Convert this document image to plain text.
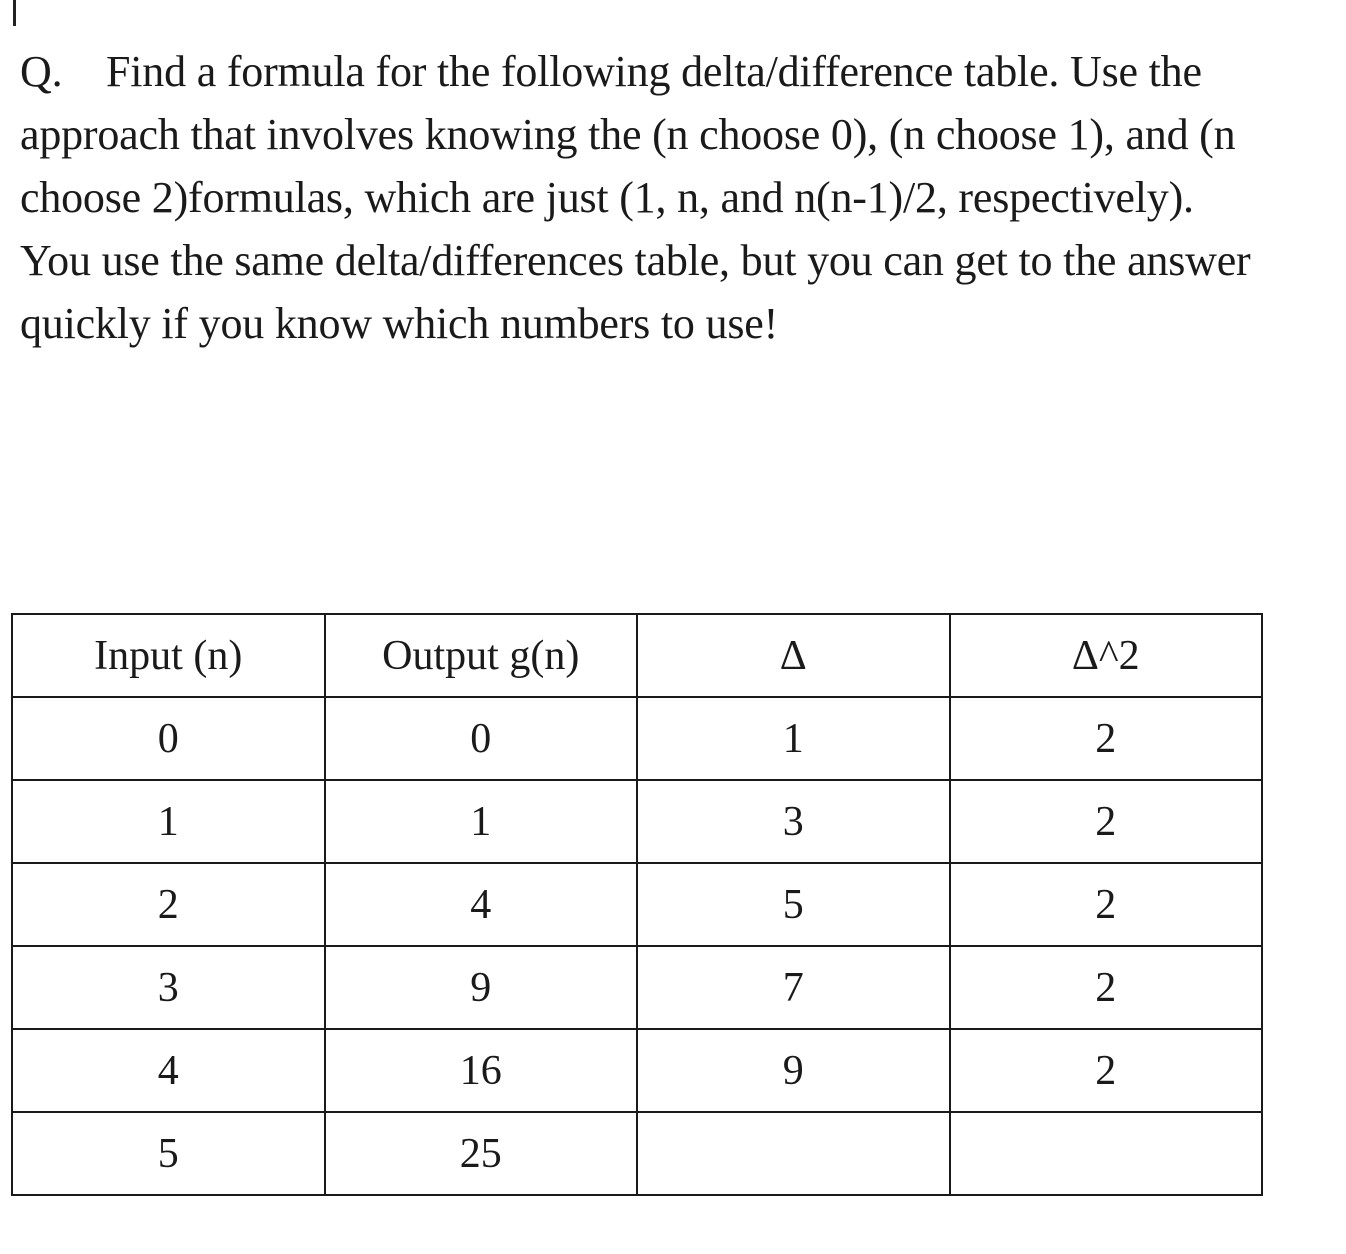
Q. Find a formula for the following delta/difference table. Use the approach that involves knowing the (n choose 0), (n choose 1), and (n choose 2)formulas, which are just (1, n, and n(n-1)/2, respectively). You use the same delta/differences table, but you can get to the answer quickly if you know which numbers to use!

Input (n)	Output g(n)	Δ	Δ^2
0	0	1	2
1	1	3	2
2	4	5	2
3	9	7	2
4	16	9	2
5	25		
